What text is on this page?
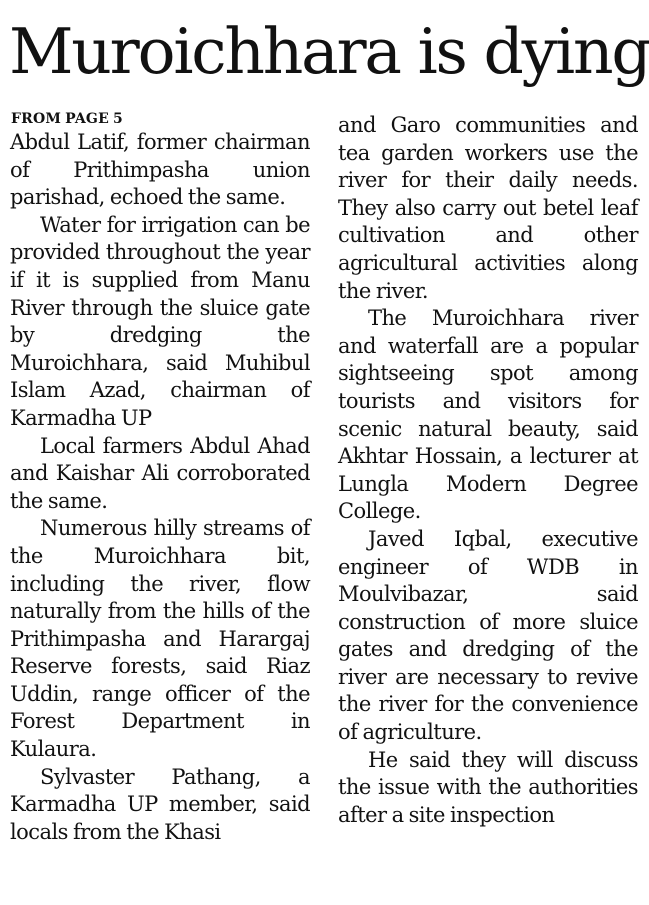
Muroichhara is dying
FROM PAGE 5

Abdul Latif, former chairman of Prithimpasha union parishad, echoed the same.

Water for irrigation can be provided throughout the year if it is supplied from Manu River through the sluice gate by dredging the Muroichhara, said Muhibul Islam Azad, chairman of Karmadha UP

Local farmers Abdul Ahad and Kaishar Ali corroborated the same.

Numerous hilly streams of the Muroichhara bit, including the river, flow naturally from the hills of the Prithimpasha and Harargaj Reserve forests, said Riaz Uddin, range officer of the Forest Department in Kulaura.

Sylvaster Pathang, a Karmadha UP member, said locals from the Khasi

and Garo communities and tea garden workers use the river for their daily needs. They also carry out betel leaf cultivation and other agricultural activities along the river.

The Muroichhara river and waterfall are a popular sightseeing spot among tourists and visitors for scenic natural beauty, said Akhtar Hossain, a lecturer at Lungla Modern Degree College.

Javed Iqbal, executive engineer of WDB in Moulvibazar, said construction of more sluice gates and dredging of the river are necessary to revive the river for the convenience of agriculture.

He said they will discuss the issue with the authorities after a site inspection
